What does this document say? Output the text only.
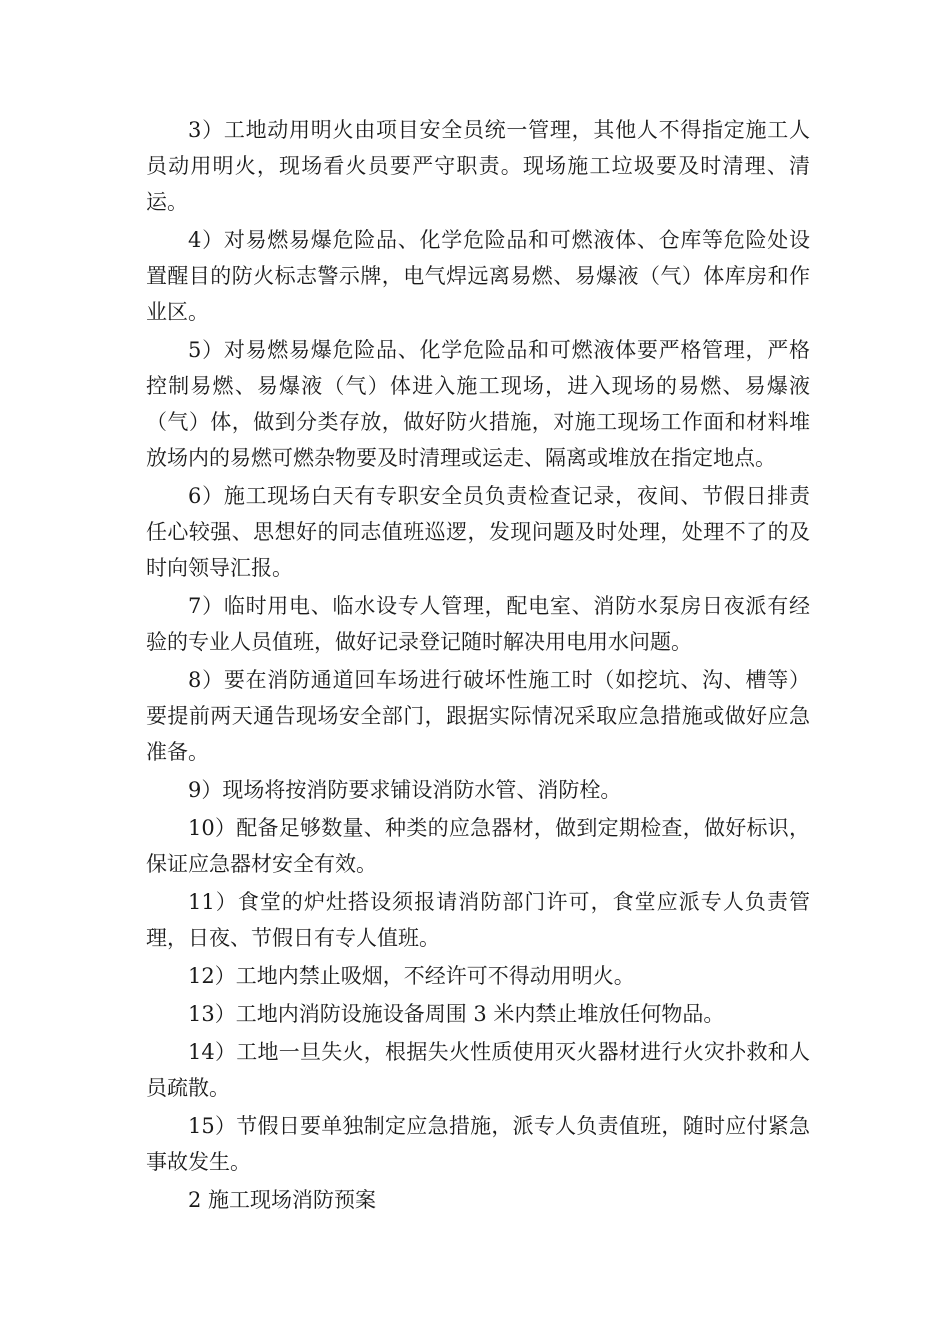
3）工地动用明火由项目安全员统一管理，其他人不得指定施工人员动用明火，现场看火员要严守职责。现场施工垃圾要及时清理、清运。

4）对易燃易爆危险品、化学危险品和可燃液体、仓库等危险处设置醒目的防火标志警示牌，电气焊远离易燃、易爆液（气）体库房和作业区。

5）对易燃易爆危险品、化学危险品和可燃液体要严格管理，严格控制易燃、易爆液（气）体进入施工现场，进入现场的易燃、易爆液（气）体，做到分类存放，做好防火措施，对施工现场工作面和材料堆放场内的易燃可燃杂物要及时清理或运走、隔离或堆放在指定地点。

6）施工现场白天有专职安全员负责检查记录，夜间、节假日排责任心较强、思想好的同志值班巡逻，发现问题及时处理，处理不了的及时向领导汇报。

7）临时用电、临水设专人管理，配电室、消防水泵房日夜派有经验的专业人员值班，做好记录登记随时解决用电用水问题。

8）要在消防通道回车场进行破坏性施工时（如挖坑、沟、槽等）要提前两天通告现场安全部门，跟据实际情况采取应急措施或做好应急准备。

9）现场将按消防要求铺设消防水管、消防栓。

10）配备足够数量、种类的应急器材，做到定期检查，做好标识，保证应急器材安全有效。

11）食堂的炉灶搭设须报请消防部门许可，食堂应派专人负责管理，日夜、节假日有专人值班。

12）工地内禁止吸烟，不经许可不得动用明火。

13）工地内消防设施设备周围 3 米内禁止堆放任何物品。

14）工地一旦失火，根据失火性质使用灭火器材进行火灾扑救和人员疏散。

15）节假日要单独制定应急措施，派专人负责值班，随时应付紧急事故发生。

2 施工现场消防预案
